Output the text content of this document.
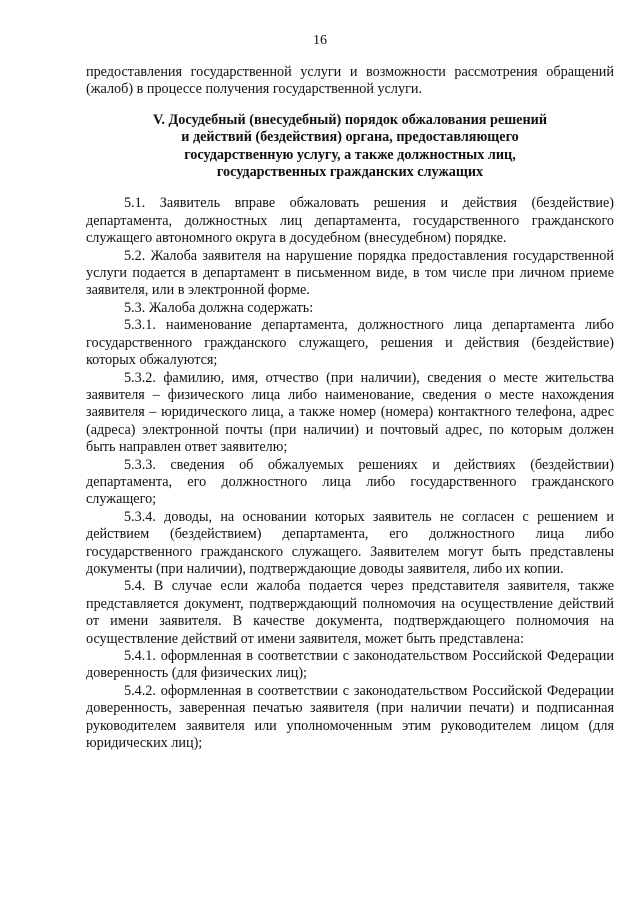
16

предоставления государственной услуги и возможности рассмотрения обращений (жалоб) в процессе получения государственной услуги.

V. Досудебный (внесудебный) порядок обжалования решений
и действий (бездействия) органа, предоставляющего
государственную услугу, а также должностных лиц,
государственных гражданских служащих

5.1. Заявитель вправе обжаловать решения и действия (бездействие) департамента, должностных лиц департамента, государственного гражданского служащего автономного округа в досудебном (внесудебном) порядке.

5.2. Жалоба заявителя на нарушение порядка предоставления государственной услуги подается в департамент в письменном виде, в том числе при личном приеме заявителя, или в электронной форме.

5.3. Жалоба должна содержать:

5.3.1. наименование департамента, должностного лица департамента либо государственного гражданского служащего, решения и действия (бездействие) которых обжалуются;

5.3.2. фамилию, имя, отчество (при наличии), сведения о месте жительства заявителя – физического лица либо наименование, сведения о месте нахождения заявителя – юридического лица, а также номер (номера) контактного телефона, адрес (адреса) электронной почты (при наличии) и почтовый адрес, по которым должен быть направлен ответ заявителю;

5.3.3. сведения об обжалуемых решениях и действиях (бездействии) департамента, его должностного лица либо государственного гражданского служащего;

5.3.4. доводы, на основании которых заявитель не согласен с решением и действием (бездействием) департамента, его должностного лица либо государственного гражданского служащего. Заявителем могут быть представлены документы (при наличии), подтверждающие доводы заявителя, либо их копии.

5.4. В случае если жалоба подается через представителя заявителя, также представляется документ, подтверждающий полномочия на осуществление действий от имени заявителя. В качестве документа, подтверждающего полномочия на осуществление действий от имени заявителя, может быть представлена:

5.4.1. оформленная в соответствии с законодательством Российской Федерации доверенность (для физических лиц);

5.4.2. оформленная в соответствии с законодательством Российской Федерации доверенность, заверенная печатью заявителя (при наличии печати) и подписанная руководителем заявителя или уполномоченным этим руководителем лицом (для юридических лиц);
